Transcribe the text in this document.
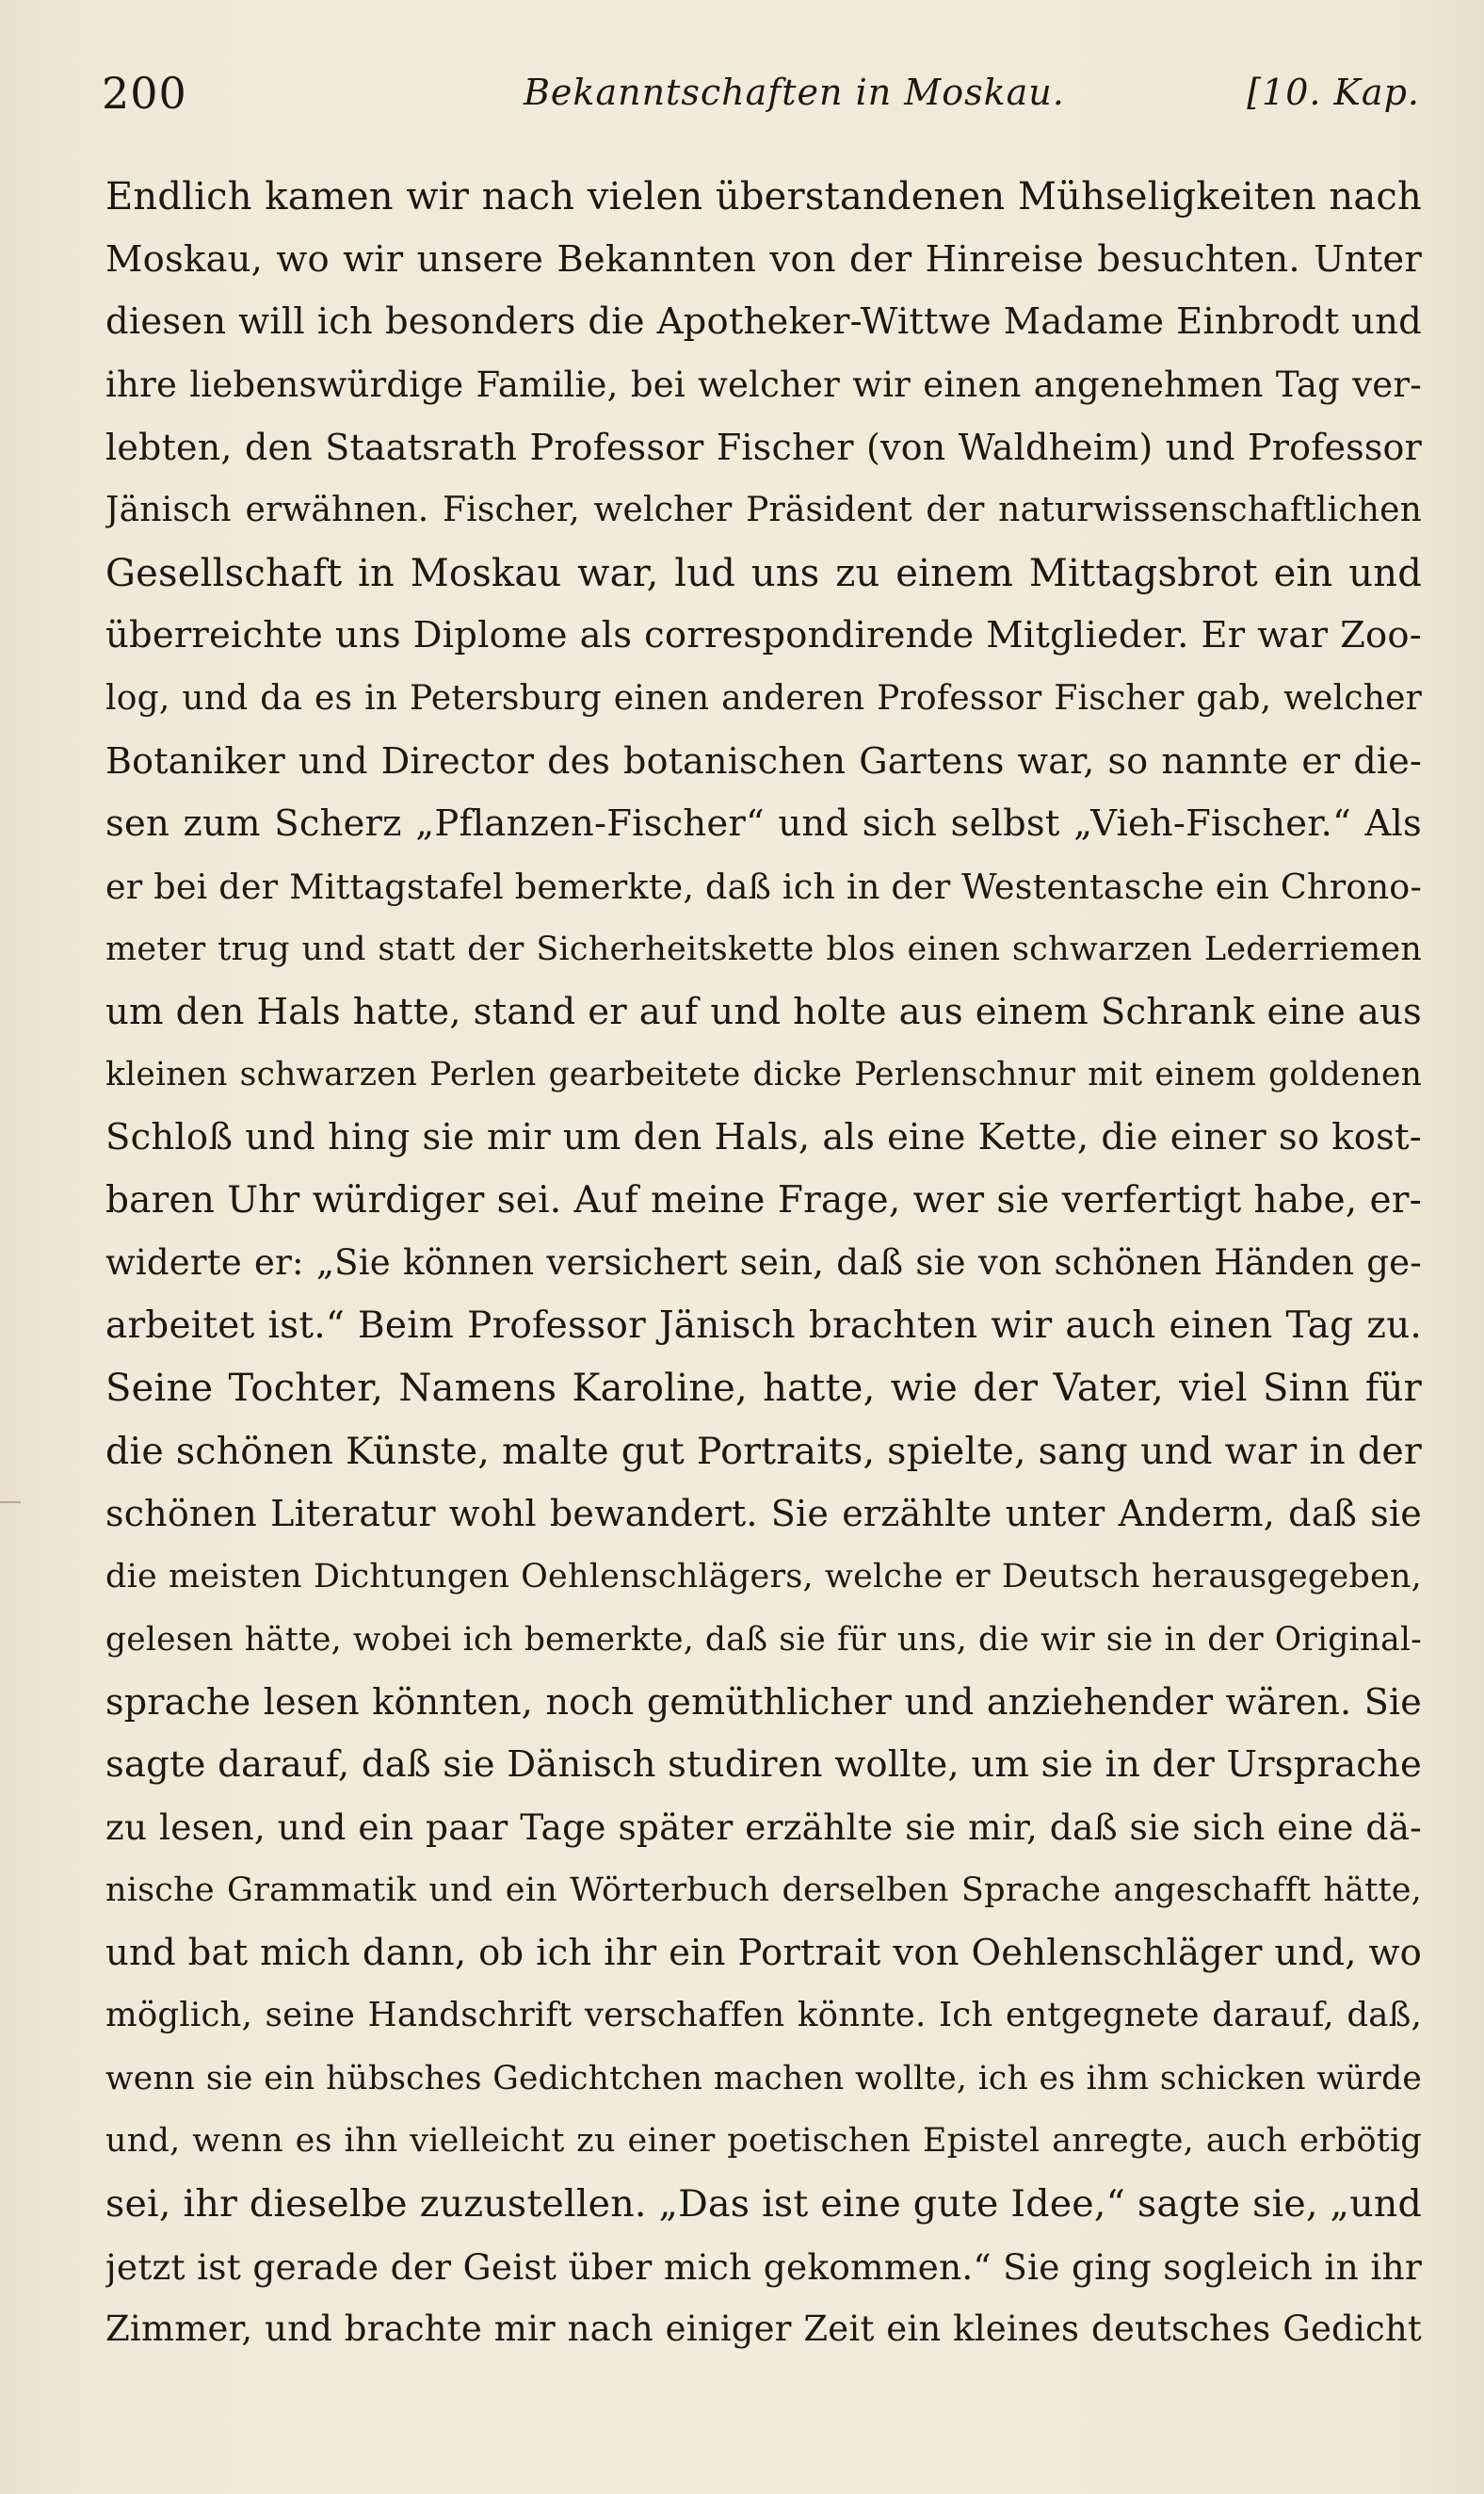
200	Bekanntschaften in Moskau.	[10. Kap.
Endlich kamen wir nach vielen überstandenen Mühseligkeiten nach
Moskau, wo wir unsere Bekannten von der Hinreise besuchten. Unter
diesen will ich besonders die Apotheker-Wittwe Madame Einbrodt und
ihre liebenswürdige Familie, bei welcher wir einen angenehmen Tag ver-
lebten, den Staatsrath Professor Fischer (von Waldheim) und Professor
Jänisch erwähnen. Fischer, welcher Präsident der naturwissenschaftlichen
Gesellschaft in Moskau war, lud uns zu einem Mittagsbrot ein und
überreichte uns Diplome als correspondirende Mitglieder. Er war Zoo-
log, und da es in Petersburg einen anderen Professor Fischer gab, welcher
Botaniker und Director des botanischen Gartens war, so nannte er die-
sen zum Scherz „Pflanzen-Fischer“ und sich selbst „Vieh-Fischer.“ Als
er bei der Mittagstafel bemerkte, daß ich in der Westentasche ein Chrono-
meter trug und statt der Sicherheitskette blos einen schwarzen Lederriemen
um den Hals hatte, stand er auf und holte aus einem Schrank eine aus
kleinen schwarzen Perlen gearbeitete dicke Perlenschnur mit einem goldenen
Schloß und hing sie mir um den Hals, als eine Kette, die einer so kost-
baren Uhr würdiger sei. Auf meine Frage, wer sie verfertigt habe, er-
widerte er: „Sie können versichert sein, daß sie von schönen Händen ge-
arbeitet ist.“ Beim Professor Jänisch brachten wir auch einen Tag zu.
Seine Tochter, Namens Karoline, hatte, wie der Vater, viel Sinn für
die schönen Künste, malte gut Portraits, spielte, sang und war in der
schönen Literatur wohl bewandert. Sie erzählte unter Anderm, daß sie
die meisten Dichtungen Oehlenschlägers, welche er Deutsch herausgegeben,
gelesen hätte, wobei ich bemerkte, daß sie für uns, die wir sie in der Original-
sprache lesen könnten, noch gemüthlicher und anziehender wären. Sie
sagte darauf, daß sie Dänisch studiren wollte, um sie in der Ursprache
zu lesen, und ein paar Tage später erzählte sie mir, daß sie sich eine dä-
nische Grammatik und ein Wörterbuch derselben Sprache angeschafft hätte,
und bat mich dann, ob ich ihr ein Portrait von Oehlenschläger und, wo
möglich, seine Handschrift verschaffen könnte. Ich entgegnete darauf, daß,
wenn sie ein hübsches Gedichtchen machen wollte, ich es ihm schicken würde
und, wenn es ihn vielleicht zu einer poetischen Epistel anregte, auch erbötig
sei, ihr dieselbe zuzustellen. „Das ist eine gute Idee,“ sagte sie, „und
jetzt ist gerade der Geist über mich gekommen.“ Sie ging sogleich in ihr
Zimmer, und brachte mir nach einiger Zeit ein kleines deutsches Gedicht
